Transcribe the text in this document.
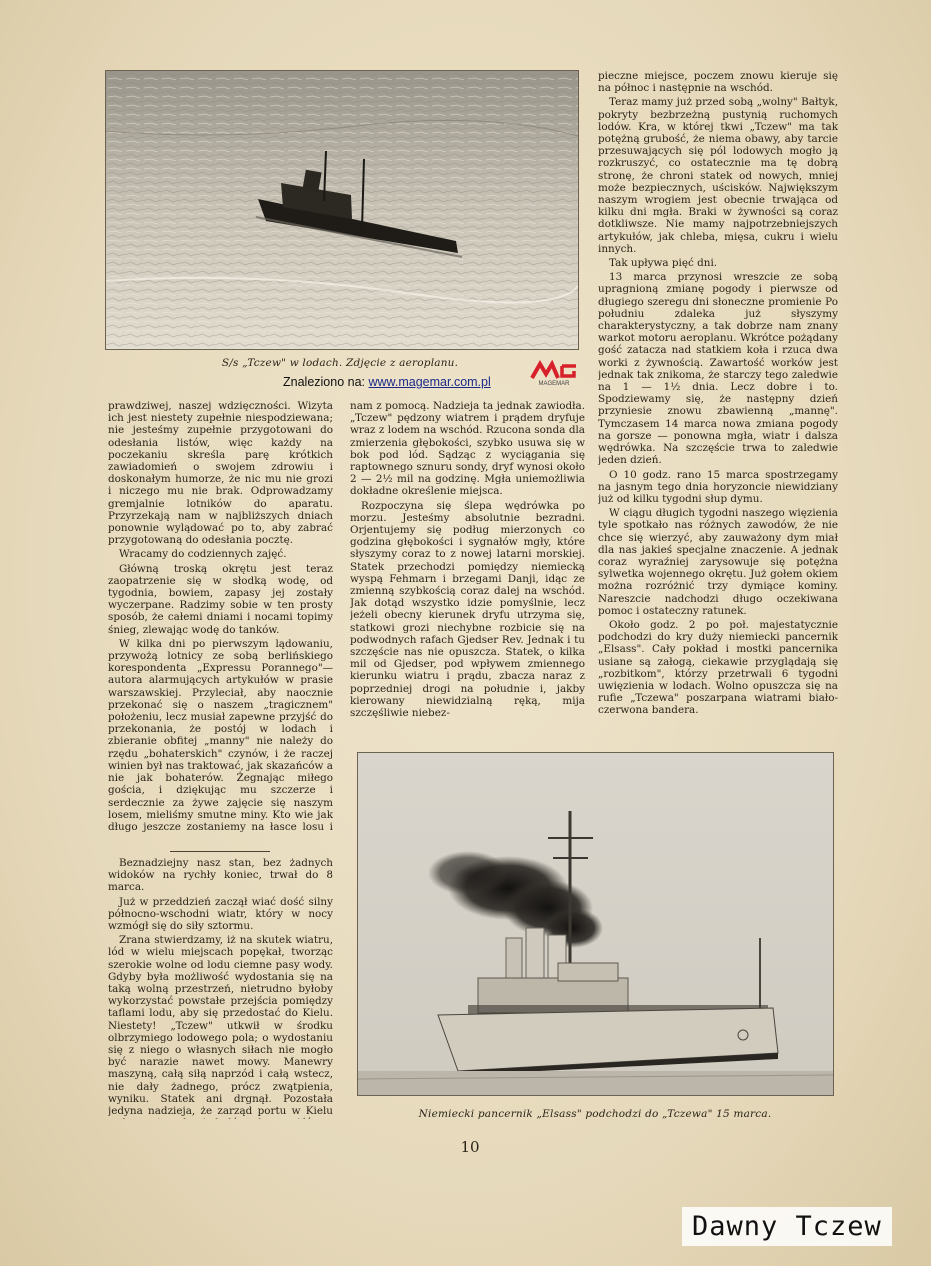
S/s „Tczew" w lodach. Zdjęcie z aeroplanu.
Znaleziono na: www.magemar.com.pl	MAGEMAR

prawdziwej, naszej wdzięczności. Wizyta ich jest niestety zupełnie niespodziewana; nie jesteśmy zupełnie przygotowani do odesłania listów, więc każdy na poczekaniu skreśla parę krótkich zawiadomień o swojem zdrowiu i doskonałym humorze, że nic mu nie grozi i niczego mu nie brak. Odprowadzamy gremjalnie lotników do aparatu. Przyrzekają nam w najbliższych dniach ponownie wylądować po to, aby zabrać przygotowaną do odesłania pocztę.

Wracamy do codziennych zajęć.

Główną troską okrętu jest teraz zaopatrzenie się w słodką wodę, od tygodnia, bowiem, zapasy jej zostały wyczerpane. Radzimy sobie w ten prosty sposób, że całemi dniami i nocami topimy śnieg, zlewając wodę do tanków.

W kilka dni po pierwszym lądowaniu, przywożą lotnicy ze sobą berlińskiego korespondenta „Expressu Porannego"—autora alarmujących artykułów w prasie warszawskiej. Przyleciał, aby naocznie przekonać się o naszem „tragicznem" położeniu, lecz musiał zapewne przyjść do przekonania, że postój w lodach i zbieranie obfitej „manny" nie należy do rzędu „bohaterskich" czynów, i że raczej winien był nas traktować, jak skazańców a nie jak bohaterów. Żegnając miłego gościa, i dziękując mu szczerze i serdecznie za żywe zajęcie się naszym losem, mieliśmy smutne miny. Kto wie jak długo jeszcze zostaniemy na łasce losu i

Beznadziejny nasz stan, bez żadnych widoków na rychły koniec, trwał do 8 marca.

Już w przeddzień zaczął wiać dość silny północno-wschodni wiatr, który w nocy wzmógł się do siły sztormu.

Zrana stwierdzamy, iż na skutek wiatru, lód w wielu miejscach popękał, tworząc szerokie wolne od lodu ciemne pasy wody. Gdyby była możliwość wydostania się na taką wolną przestrzeń, nietrudno byłoby wykorzystać powstałe przejścia pomiędzy taflami lodu, aby się przedostać do Kielu. Niestety! „Tczew" utkwił w środku olbrzymiego lodowego pola; o wydostaniu się z niego o własnych siłach nie mogło być narazie nawet mowy. Manewry maszyną, całą siłą naprzód i całą wstecz, nie dały żadnego, prócz zwątpienia, wyniku. Statek ani drgnął. Pozostała jedyna nadzieja, że zarząd portu w Kielu

nam z pomocą. Nadzieja ta jednak zawiodła. „Tczew" pędzony wiatrem i prądem dryfuje wraz z lodem na wschód. Rzucona sonda dla zmierzenia głębokości, szybko usuwa się w bok pod lód. Sądząc z wyciągania się raptownego sznuru sondy, dryf wynosi około 2 — 2½ mil na godzinę. Mgła uniemożliwia dokładne określenie miejsca.

Rozpoczyna się ślepa wędrówka po morzu. Jesteśmy absolutnie bezradni. Orjentujemy się podług mierzonych co godzina głębokości i sygnałów mgły, które słyszymy coraz to z nowej latarni morskiej. Statek przechodzi pomiędzy niemiecką wyspą Fehmarn i brzegami Danji, idąc ze zmienną szybkością coraz dalej na wschód. Jak dotąd wszystko idzie pomyślnie, lecz jeżeli obecny kierunek dryfu utrzyma się, statkowi grozi niechybne rozbicie się na podwodnych rafach Gjedser Rev. Jednak i tu szczęście nas nie opuszcza. Statek, o kilka mil od Gjedser, pod wpływem zmiennego kierunku wiatru i prądu, zbacza naraz z poprzedniej drogi na południe i, jakby kierowany niewidzialną ręką, mija szczęśliwie niebez-

pieczne miejsce, poczem znowu kieruje się na północ i następnie na wschód.

Teraz mamy już przed sobą „wolny" Bałtyk, pokryty bezbrzeżną pustynią ruchomych lodów. Kra, w której tkwi „Tczew" ma tak potężną grubość, że niema obawy, aby tarcie przesuwających się pól lodowych mogło ją rozkruszyć, co ostatecznie ma tę dobrą stronę, że chroni statek od nowych, mniej może bezpiecznych, uścisków. Największym naszym wrogiem jest obecnie trwająca od kilku dni mgła. Braki w żywności są coraz dotkliwsze. Nie mamy najpotrzebniejszych artykułów, jak chleba, mięsa, cukru i wielu innych.

Tak upływa pięć dni.

13 marca przynosi wreszcie ze sobą upragnioną zmianę pogody i pierwsze od długiego szeregu dni słoneczne promienie Po południu zdaleka już słyszymy charakterystyczny, a tak dobrze nam znany warkot motoru aeroplanu. Wkrótce pożądany gość zatacza nad statkiem koła i rzuca dwa worki z żywnością. Zawartość worków jest jednak tak znikoma, że starczy tego zaledwie na 1 — 1½ dnia. Lecz dobre i to. Spodziewamy się, że następny dzień przyniesie znowu zbawienną „mannę". Tymczasem 14 marca nowa zmiana pogody na gorsze — ponowna mgła, wiatr i dalsza wędrówka. Na szczęście trwa to zaledwie jeden dzień.

O 10 godz. rano 15 marca spostrzegamy na jasnym tego dnia horyzoncie niewidziany już od kilku tygodni słup dymu.

W ciągu długich tygodni naszego więzienia tyle spotkało nas różnych zawodów, że nie chce się wierzyć, aby zauważony dym miał dla nas jakieś specjalne znaczenie. A jednak coraz wyraźniej zarysowuje się potężna sylwetka wojennego okrętu. Już gołem okiem można rozróżnić trzy dymiące kominy. Nareszcie nadchodzi długo oczekiwana pomoc i ostateczny ratunek.

Około godz. 2 po poł. majestatycznie podchodzi do kry duży niemiecki pancernik „Elsass". Cały pokład i mostki pancernika usiane są załogą, ciekawie przyglądają się „rozbitkom", którzy przetrwali 6 tygodni uwięzienia w lodach. Wolno opuszcza się na rufie „Tczewa" poszarpana wiatrami biało-czerwona bandera.

Niemiecki pancernik „Elsass" podchodzi do „Tczewa" 15 marca.
10
Dawny Tczew
